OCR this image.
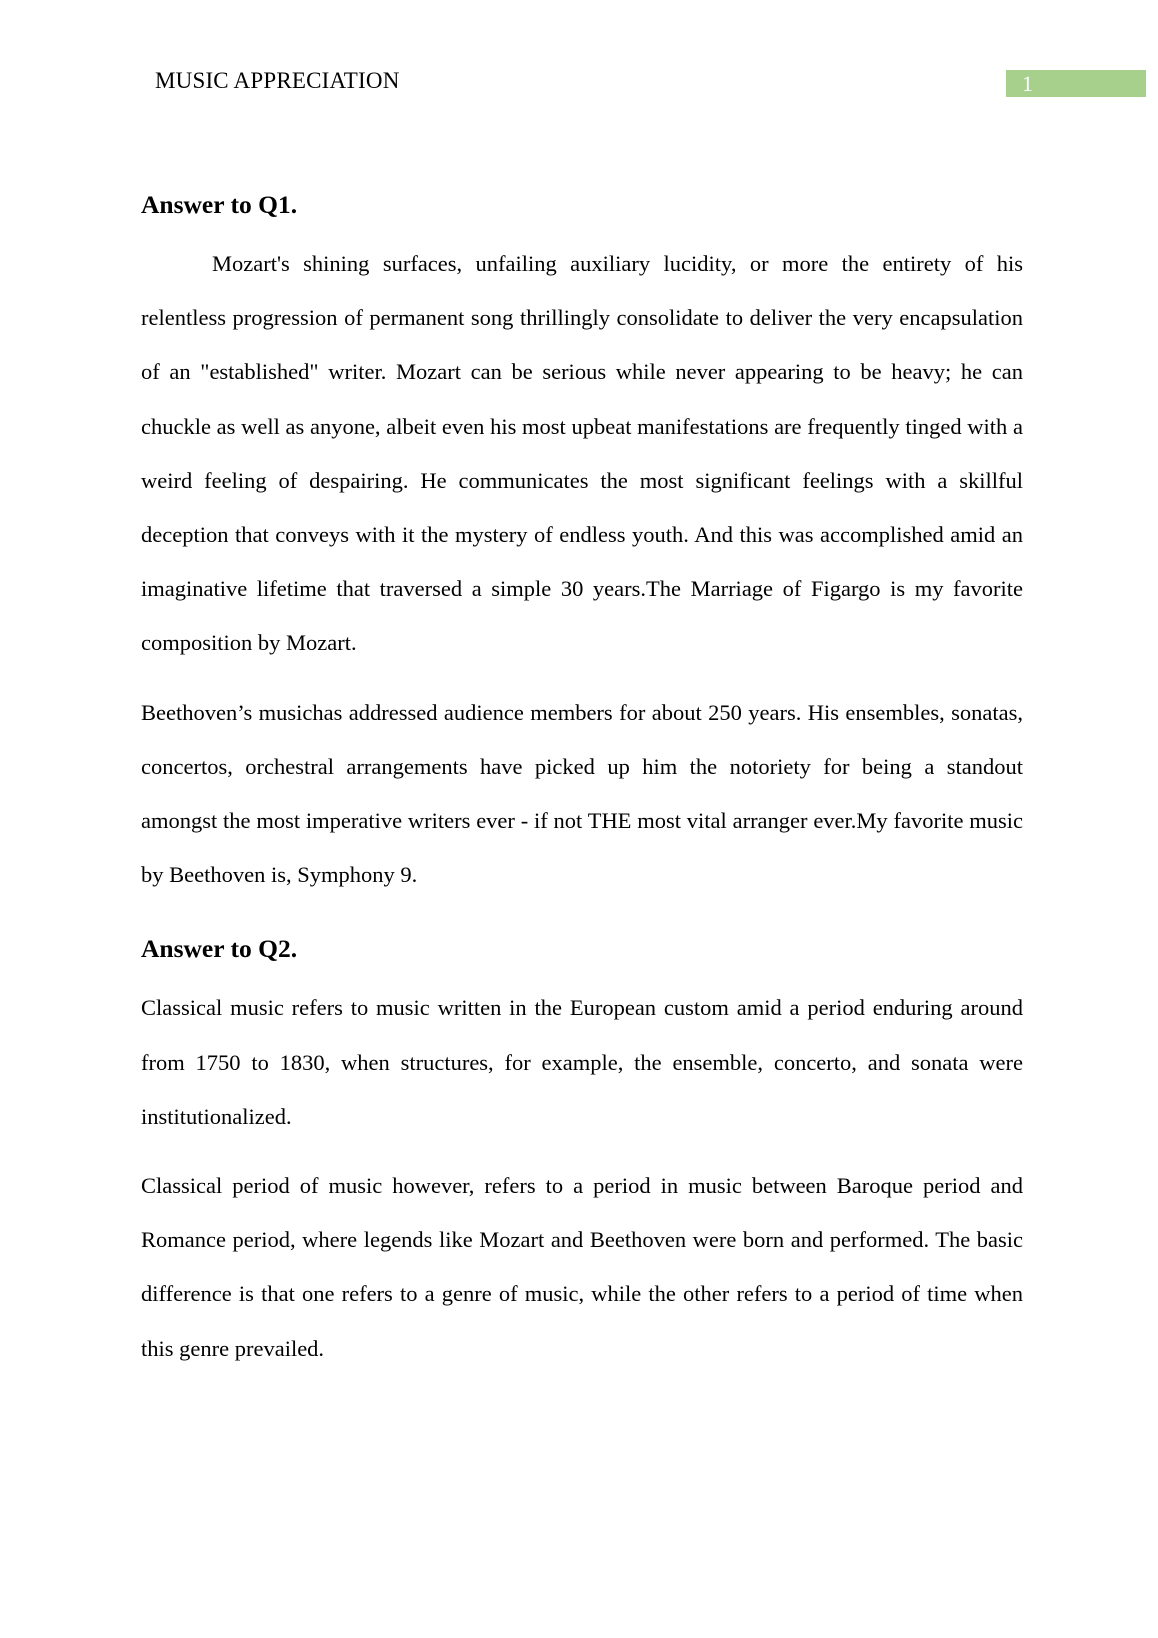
MUSIC APPRECIATION	1
Answer to Q1.

Mozart's shining surfaces, unfailing auxiliary lucidity, or more the entirety of his relentless progression of permanent song thrillingly consolidate to deliver the very encapsulation of an "established" writer. Mozart can be serious while never appearing to be heavy; he can chuckle as well as anyone, albeit even his most upbeat manifestations are frequently tinged with a weird feeling of despairing. He communicates the most significant feelings with a skillful deception that conveys with it the mystery of endless youth. And this was accomplished amid an imaginative lifetime that traversed a simple 30 years.The Marriage of Figargo is my favorite composition by Mozart.

Beethoven’s musichas addressed audience members for about 250 years. His ensembles, sonatas, concertos, orchestral arrangements have picked up him the notoriety for being a standout amongst the most imperative writers ever - if not THE most vital arranger ever.My favorite music by Beethoven is, Symphony 9.

Answer to Q2.

Classical music refers to music written in the European custom amid a period enduring around from 1750 to 1830, when structures, for example, the ensemble, concerto, and sonata were institutionalized.

Classical period of music however, refers to a period in music between Baroque period and Romance period, where legends like Mozart and Beethoven were born and performed. The basic difference is that one refers to a genre of music, while the other refers to a period of time when this genre prevailed.
